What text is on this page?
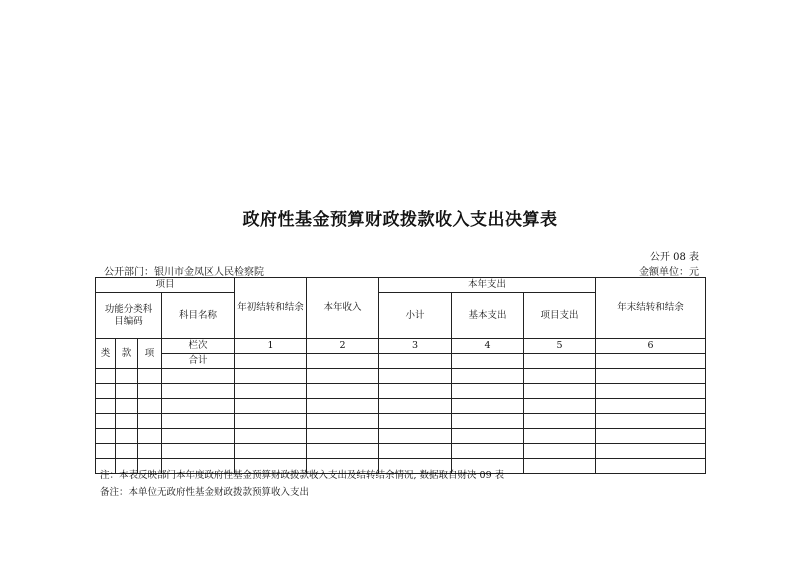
政府性基金预算财政拨款收入支出决算表
公开 08 表
公开部门：银川市金凤区人民检察院	金额单位：元
项目				年初结转和结余	本年收入	本年支出			年末结转和结余
功能分类科目编码			科目名称			小计	基本支出	项目支出	
类	款	项	栏次	1	2	3	4	5	6
			合计						

注：本表反映部门本年度政府性基金预算财政拨款收入支出及结转结余情况, 数据取自财决 09 表
备注：本单位无政府性基金财政拨款预算收入支出
